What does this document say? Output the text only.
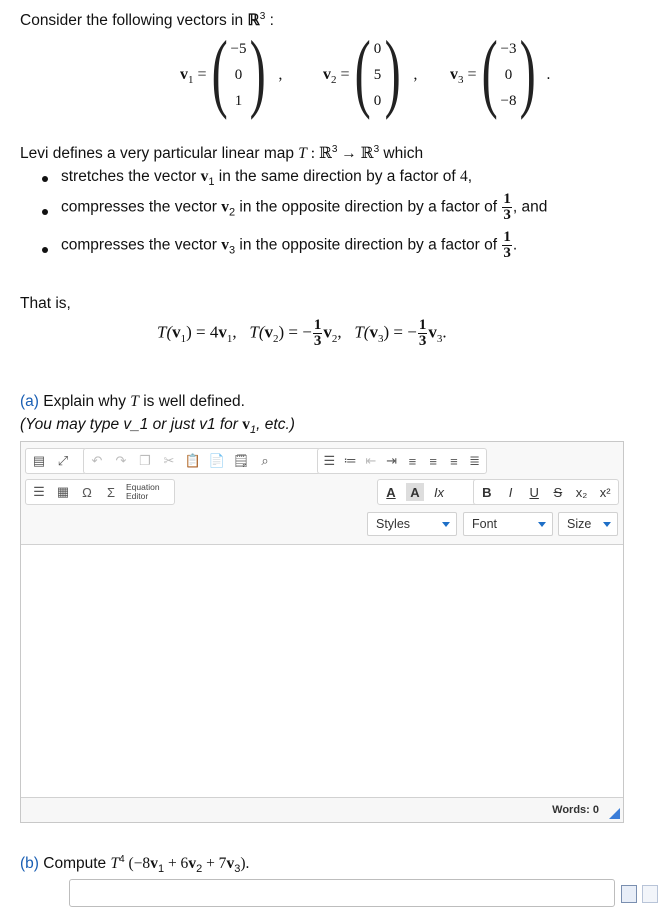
Consider the following vectors in ℝ$^3$ :
$v_1$ = ( −5
0
1 ) ,	$v_2$ = ( 0
5
0 ) , $v_3$ = ( −3
0
−8 ) .
Levi defines a very particular linear map T : ℝ$^3$ → ℝ$^3$ which
stretches the vector $v_1$ in the same direction by a factor of 4,
compresses the vector $v_2$ in the opposite direction by a factor of $\frac{1}{3}$ , and
compresses the vector $v_3$ in the opposite direction by a factor of $\frac{1}{3}$ .
That is,
$T(v_1) = 4v_1$, $T(v_2)$ = − $\frac{1}{3} v_2$, $T(v_3)$ = − $\frac{1}{3} v_3$.
(a) Explain why T is well defined.
(You may type v_1 or just v1 for $v_1$, etc.)
▤ ⤢ ↶ ↷ ❐ ✂ 📋 📄 🗒 ⌕	☰ ≔ ⇤ ⇥ ≡ ≡ ≡ ≣
☰ ▦	Ω	Σ	Equation
Editor	A	A	Ix	B	I	U	S	x₂ x²
Styles	Font	Size
Words: 0
(b) Compute $T^4$ $(-8v_1 + 6v_2 + 7v_3)$.
